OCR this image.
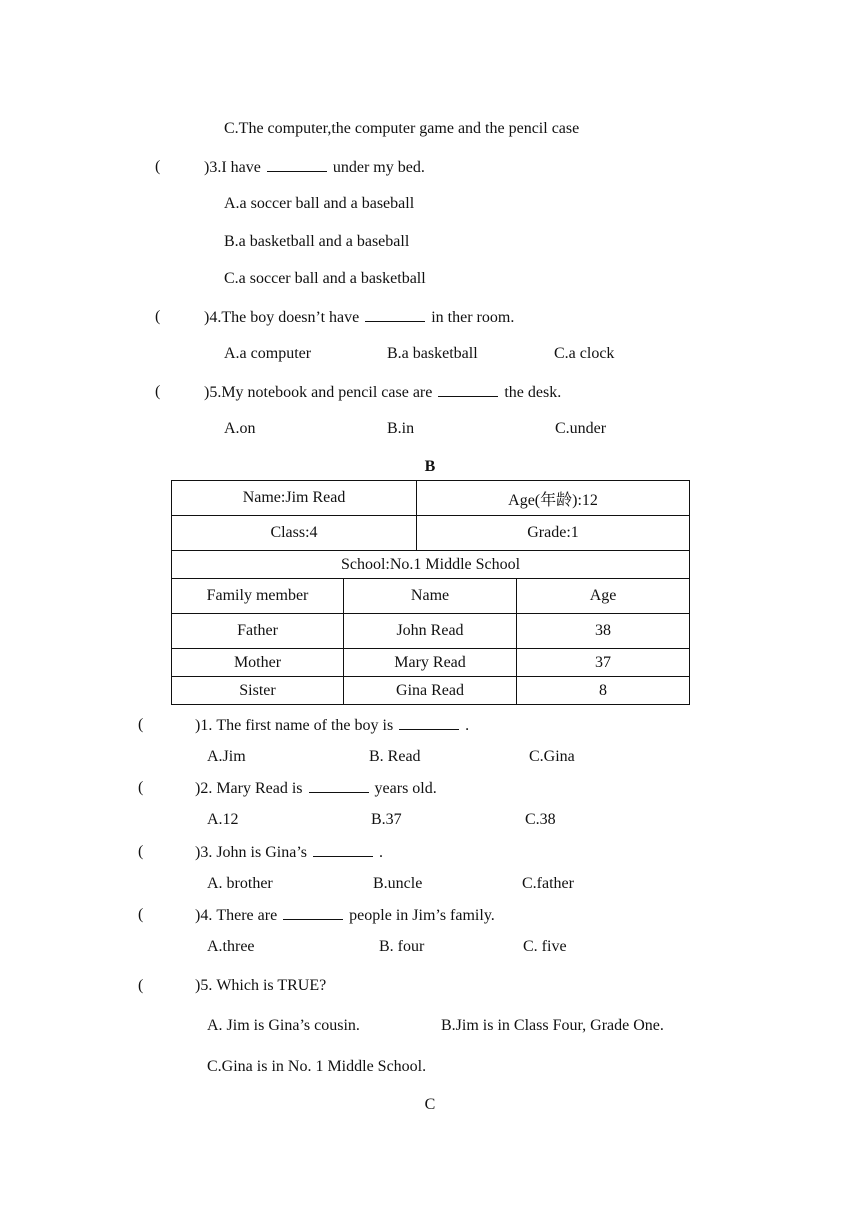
C.The computer,the computer game and the pencil case
(	)3.I have	under my bed.
A.a soccer ball and a baseball
B.a basketball and a baseball
C.a soccer ball and a basketball
(	)4.The boy doesn’t have	in ther room.
A.a computer	B.a basketball	C.a clock
(	)5.My notebook and pencil case are	the desk.
A.on	B.in	C.under
B
Name:Jim Read		Age(年龄):12	
Class:4		Grade:1	
School:No.1 Middle School			
Family member	Name		Age
Father	John Read		38
Mother	Mary Read		37
Sister	Gina Read		8
(	)1. The first name of the boy is	.
A.Jim	B. Read	C.Gina
(	)2. Mary Read is	years old.
A.12	B.37	C.38
(	)3. John is Gina’s	.
A. brother	B.uncle	C.father
(	)4. There are	people in Jim’s family.
A.three	B. four	C. five
(	)5. Which is TRUE?
A. Jim is Gina’s cousin.	B.Jim is in Class Four, Grade One.
C.Gina is in No. 1 Middle School.
C
